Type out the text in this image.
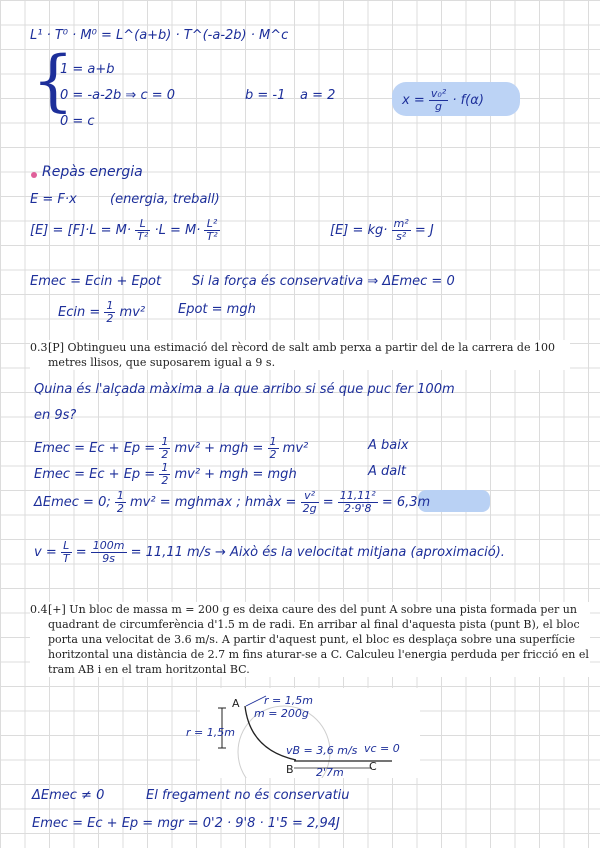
L¹ · T⁰ · M⁰ = L^(a+b) · T^(-a-2b) · M^c
{
1 = a+b
0 = -a-2b ⇒ c = 0	b = -1 a = 2
0 = c
$x = \frac{\text{v₀²}}{g} \cdot f(\alpha)$
Repàs energia
E = F·x	(energia, treball)
$[E] = [F]\cdot L = M\cdot \frac{L}{\text{T²}} \cdot L = M\cdot \frac{\text{L²}}{\text{T²}}$	$[E] = kg\cdot \frac{\text{m²}}{\text{s²}} = J$
Emec = Ecin + Epot Si la força és conservativa ⇒ ΔEmec = 0
Ecin = $\frac{1}{2} mv^2$	Epot = mgh
0.3 [P] Obtingueu una estimació del rècord de salt amb perxa a partir del de la carrera de 100 metres llisos, que suposarem igual a 9 s.
Quina és l'alçada màxima a la que arribo si sé que puc fer 100m
en 9s?
Emec = $Ec + Ep = \frac{1}{2} mv^2$ + mgh = $\frac{1}{2} mv^2$	A baix
Emec = $Ec + Ep = \frac{1}{2} mv^2$ + mgh = mgh	A dalt
ΔEmec = 0; $\frac{1}{2} mv^2 = mghmax$ ; hmàx = $\frac{\text{v²}}{2g} = \frac{\text{11,11²}}{2\cdot 9'8} = 6,3m$
$v = \frac{L}{T} = \frac{100m}{9s} = 11,11$ m/s → Això és la velocitat mitjana (aproximació).
0.4 [+] Un bloc de massa m = 200 g es deixa caure des del punt A sobre una pista formada per un quadrant de circumferència d'1.5 m de radi. En arribar al final d'aquesta pista (punt B), el bloc porta una velocitat de 3.6 m/s. A partir d'aquest punt, el bloc es desplaça sobre una superfície horitzontal una distància de 2.7 m fins aturar-se a C. Calculeu l'energia perduda per fricció en el tram AB i en el tram horitzontal BC.
A
B	C
r = 1,5m
m = 200g
r = 1,5m
vB = 3,6 m/s vc = 0
2'7m
ΔEmec ≠ 0	El fregament no és conservatiu
Emec = Ec + Ep = mgr = 0'2 · 9'8 · 1'5 = 2,94J
